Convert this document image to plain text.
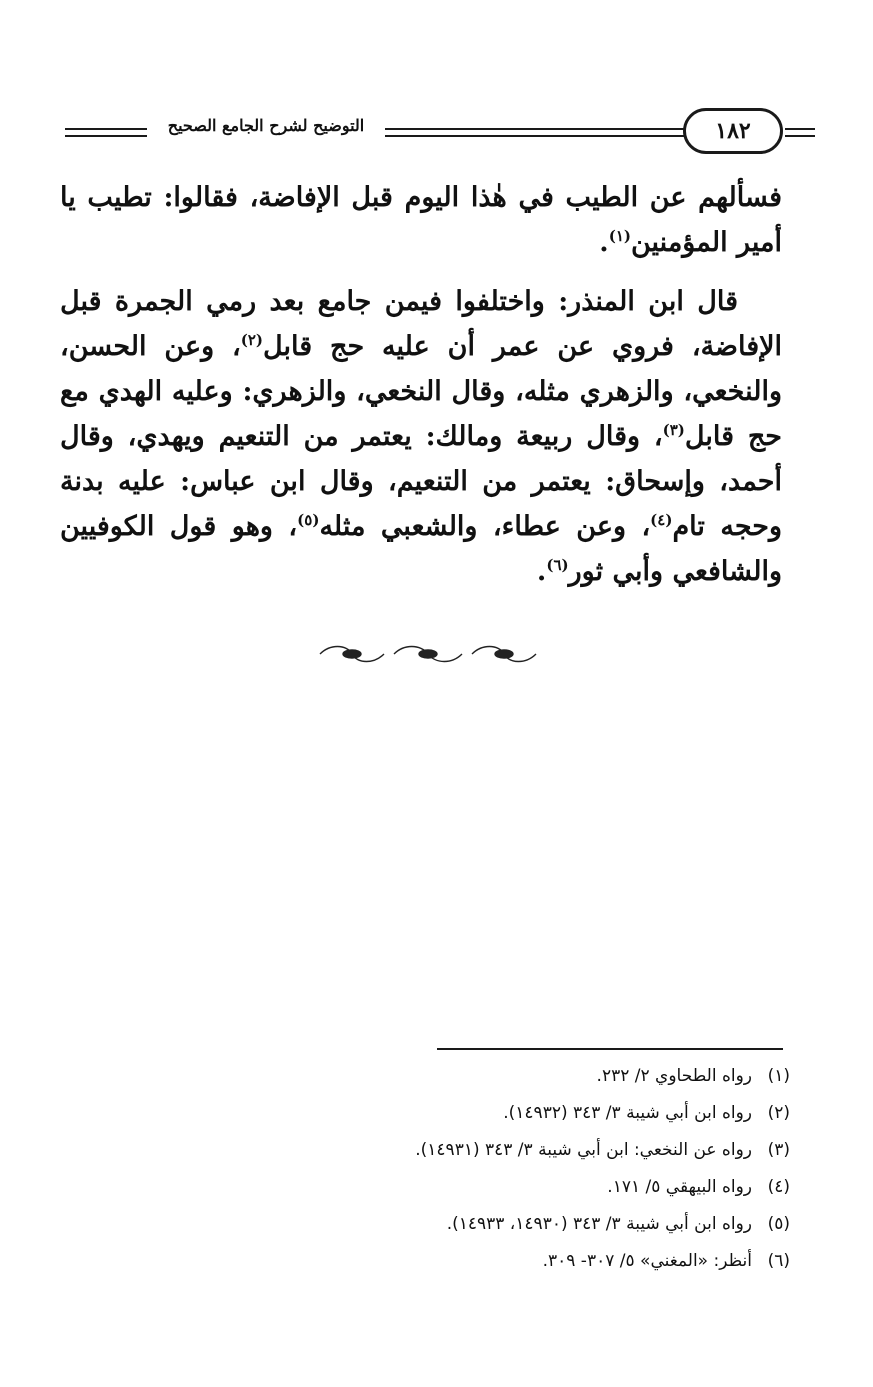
التوضيح لشرح الجامع الصحيح	١٨٢

فسألهم عن الطيب في هٰذا اليوم قبل الإفاضة، فقالوا: تطيب يا أمير المؤمنين$^{(١)}$.

قال ابن المنذر: واختلفوا فيمن جامع بعد رمي الجمرة قبل الإفاضة، فروي عن عمر أن عليه حج قابل$^{(٢)}$، وعن الحسن، والنخعي، والزهري مثله، وقال النخعي، والزهري: وعليه الهدي مع حج قابل$^{(٣)}$، وقال ربيعة ومالك: يعتمر من التنعيم ويهدي، وقال أحمد، وإسحاق: يعتمر من التنعيم، وقال ابن عباس: عليه بدنة وحجه تام$^{(٤)}$، وعن عطاء، والشعبي مثله$^{(٥)}$، وهو قول الكوفيين والشافعي وأبي ثور$^{(٦)}$.

(١)رواه الطحاوي ٢/ ٢٣٢.
(٢)رواه ابن أبي شيبة ٣/ ٣٤٣ (١٤٩٣٢).
(٣)رواه عن النخعي: ابن أبي شيبة ٣/ ٣٤٣ (١٤٩٣١).
(٤)رواه البيهقي ٥/ ١٧١.
(٥)رواه ابن أبي شيبة ٣/ ٣٤٣ (١٤٩٣٠، ١٤٩٣٣).
(٦)أنظر: «المغني» ٥/ ٣٠٧- ٣٠٩.
